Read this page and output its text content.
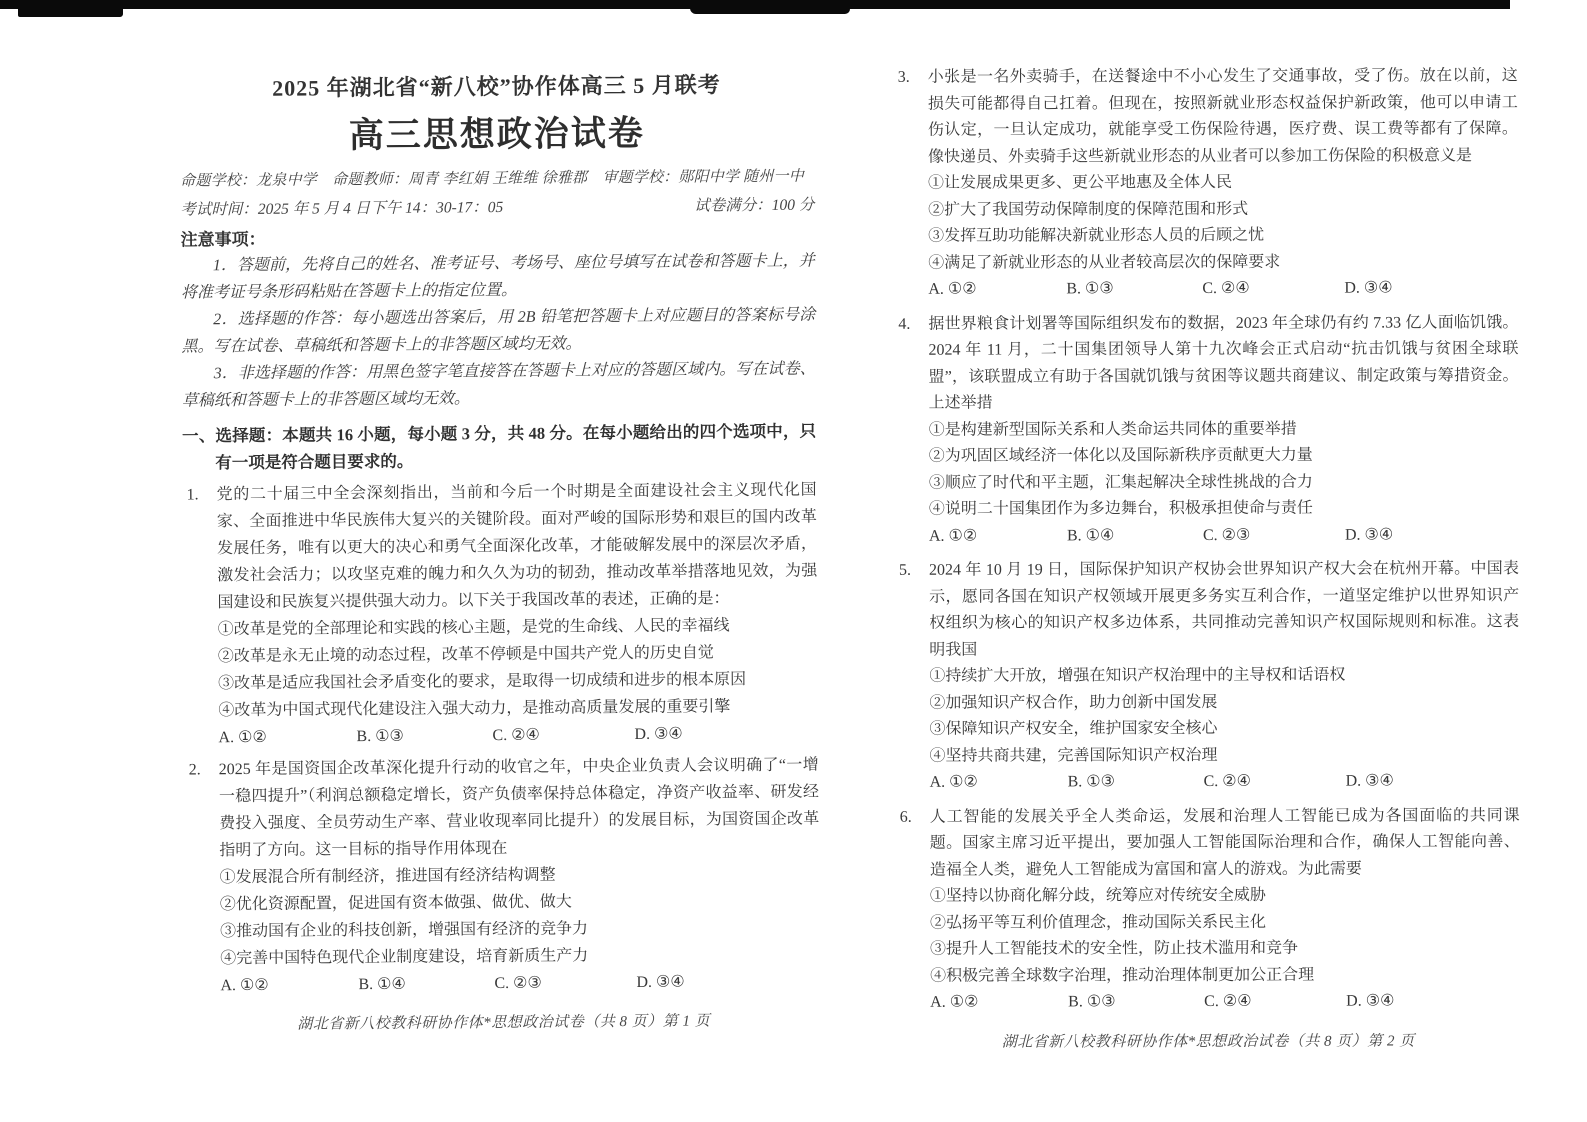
2025 年湖北省“新八校”协作体高三 5 月联考
高三思想政治试卷
命题学校：龙泉中学　命题教师：周青 李红娟 王维维 徐雅郡　审题学校：郧阳中学 随州一中
考试时间：2025 年 5 月 4 日下午 14：30-17：05	试卷满分：100 分
注意事项：

1．答题前，先将自己的姓名、准考证号、考场号、座位号填写在试卷和答题卡上，并将准考证号条形码粘贴在答题卡上的指定位置。

2．选择题的作答：每小题选出答案后，用 2B 铅笔把答题卡上对应题目的答案标号涂黑。写在试卷、草稿纸和答题卡上的非答题区域均无效。

3．非选择题的作答：用黑色签字笔直接答在答题卡上对应的答题区域内。写在试卷、草稿纸和答题卡上的非答题区域均无效。

一、选择题：本题共 16 小题，每小题 3 分，共 48 分。在每小题给出的四个选项中，只有一项是符合题目要求的。
1.	党的二十届三中全会深刻指出，当前和今后一个时期是全面建设社会主义现代化国家、全面推进中华民族伟大复兴的关键阶段。面对严峻的国际形势和艰巨的国内改革发展任务，唯有以更大的决心和勇气全面深化改革，才能破解发展中的深层次矛盾，激发社会活力；以攻坚克难的魄力和久久为功的韧劲，推动改革举措落地见效，为强国建设和民族复兴提供强大动力。以下关于我国改革的表述，正确的是：
①改革是党的全部理论和实践的核心主题，是党的生命线、人民的幸福线
②改革是永无止境的动态过程，改革不停顿是中国共产党人的历史自觉
③改革是适应我国社会矛盾变化的要求，是取得一切成绩和进步的根本原因
④改革为中国式现代化建设注入强大动力，是推动高质量发展的重要引擎
A. ①②	B. ①③	C. ②④	D. ③④
2.	2025 年是国资国企改革深化提升行动的收官之年，中央企业负责人会议明确了“一增一稳四提升”（利润总额稳定增长，资产负债率保持总体稳定，净资产收益率、研发经费投入强度、全员劳动生产率、营业收现率同比提升）的发展目标，为国资国企改革指明了方向。这一目标的指导作用体现在
①发展混合所有制经济，推进国有经济结构调整
②优化资源配置，促进国有资本做强、做优、做大
③推动国有企业的科技创新，增强国有经济的竞争力
④完善中国特色现代企业制度建设，培育新质生产力
A. ①②	B. ①④	C. ②③	D. ③④
湖北省新八校教科研协作体*思想政治试卷（共 8 页）第 1 页
3.	小张是一名外卖骑手，在送餐途中不小心发生了交通事故，受了伤。放在以前，这损失可能都得自己扛着。但现在，按照新就业形态权益保护新政策，他可以申请工伤认定，一旦认定成功，就能享受工伤保险待遇，医疗费、误工费等都有了保障。像快递员、外卖骑手这些新就业形态的从业者可以参加工伤保险的积极意义是
①让发展成果更多、更公平地惠及全体人民
②扩大了我国劳动保障制度的保障范围和形式
③发挥互助功能解决新就业形态人员的后顾之忧
④满足了新就业形态的从业者较高层次的保障要求
A. ①②	B. ①③	C. ②④	D. ③④
4.	据世界粮食计划署等国际组织发布的数据，2023 年全球仍有约 7.33 亿人面临饥饿。2024 年 11 月，二十国集团领导人第十九次峰会正式启动“抗击饥饿与贫困全球联盟”，该联盟成立有助于各国就饥饿与贫困等议题共商建议、制定政策与筹措资金。上述举措
①是构建新型国际关系和人类命运共同体的重要举措
②为巩固区域经济一体化以及国际新秩序贡献更大力量
③顺应了时代和平主题，汇集起解决全球性挑战的合力
④说明二十国集团作为多边舞台，积极承担使命与责任
A. ①②	B. ①④	C. ②③	D. ③④
5.	2024 年 10 月 19 日，国际保护知识产权协会世界知识产权大会在杭州开幕。中国表示，愿同各国在知识产权领域开展更多务实互利合作，一道坚定维护以世界知识产权组织为核心的知识产权多边体系，共同推动完善知识产权国际规则和标准。这表明我国
①持续扩大开放，增强在知识产权治理中的主导权和话语权
②加强知识产权合作，助力创新中国发展
③保障知识产权安全，维护国家安全核心
④坚持共商共建，完善国际知识产权治理
A. ①②	B. ①③	C. ②④	D. ③④
6.	人工智能的发展关乎全人类命运，发展和治理人工智能已成为各国面临的共同课题。国家主席习近平提出，要加强人工智能国际治理和合作，确保人工智能向善、造福全人类，避免人工智能成为富国和富人的游戏。为此需要
①坚持以协商化解分歧，统筹应对传统安全威胁
②弘扬平等互利价值理念，推动国际关系民主化
③提升人工智能技术的安全性，防止技术滥用和竞争
④积极完善全球数字治理，推动治理体制更加公正合理
A. ①②	B. ①③	C. ②④	D. ③④
湖北省新八校教科研协作体*思想政治试卷（共 8 页）第 2 页
